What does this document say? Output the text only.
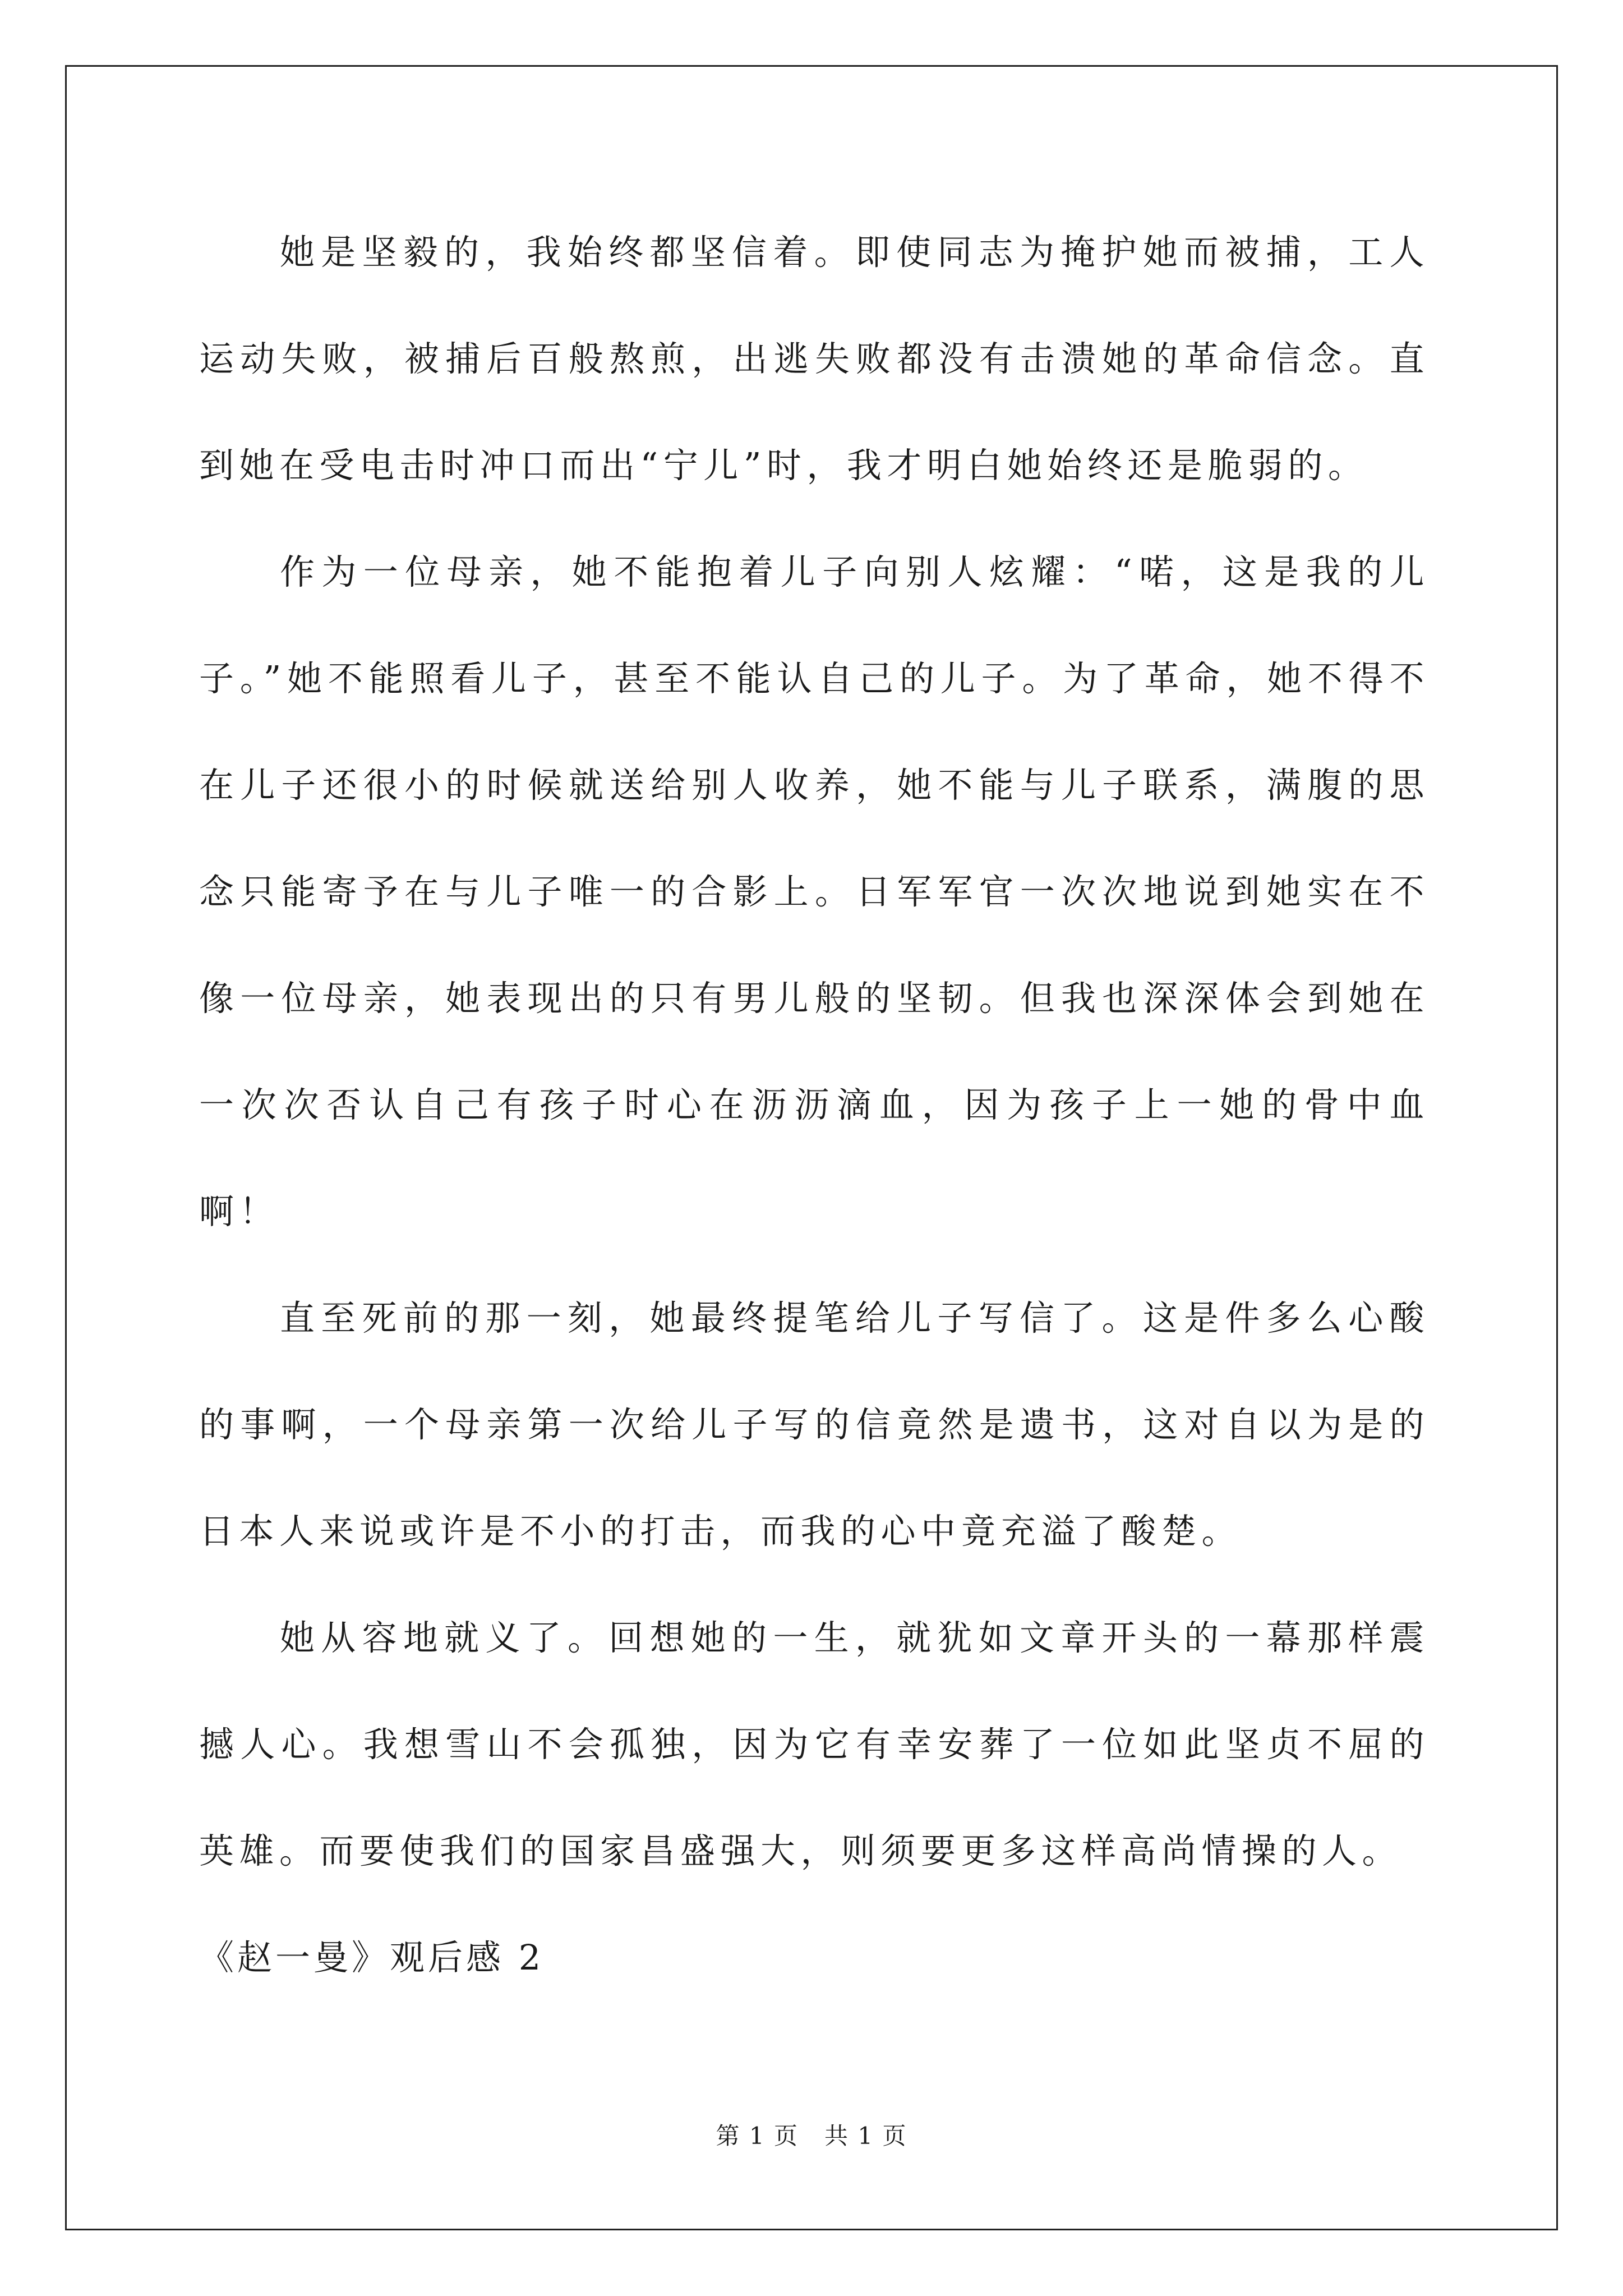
她是坚毅的，我始终都坚信着。即使同志为掩护她而被捕，工人运动失败，被捕后百般熬煎，出逃失败都没有击溃她的革命信念。直到她在受电击时冲口而出“宁儿”时，我才明白她始终还是脆弱的。

作为一位母亲，她不能抱着儿子向别人炫耀：“喏，这是我的儿子。”她不能照看儿子，甚至不能认自己的儿子。为了革命，她不得不在儿子还很小的时候就送给别人收养，她不能与儿子联系，满腹的思念只能寄予在与儿子唯一的合影上。日军军官一次次地说到她实在不像一位母亲，她表现出的只有男儿般的坚韧。但我也深深体会到她在一次次否认自己有孩子时心在沥沥滴血，因为孩子上一她的骨中血啊！

直至死前的那一刻，她最终提笔给儿子写信了。这是件多么心酸的事啊，一个母亲第一次给儿子写的信竟然是遗书，这对自以为是的日本人来说或许是不小的打击，而我的心中竟充溢了酸楚。

她从容地就义了。回想她的一生，就犹如文章开头的一幕那样震撼人心。我想雪山不会孤独，因为它有幸安葬了一位如此坚贞不屈的英雄。而要使我们的国家昌盛强大，则须要更多这样高尚情操的人。

《赵一曼》观后感 2

第 1 页 共 1 页
